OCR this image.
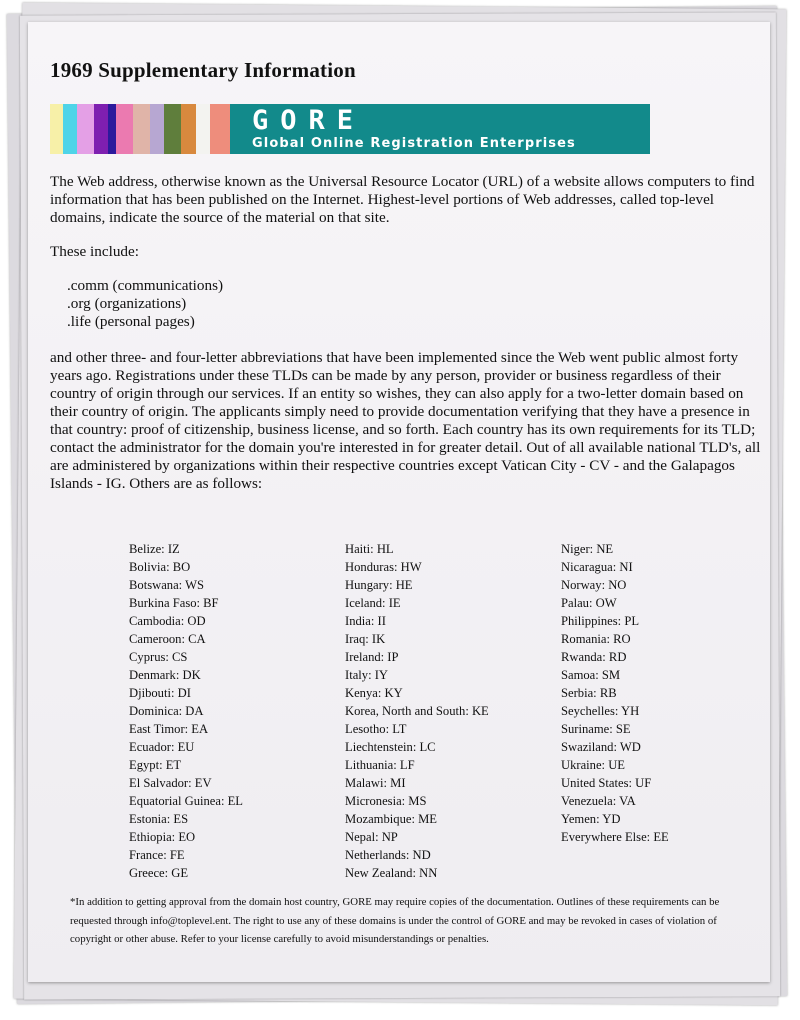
1969 Supplementary Information
GORE
Global Online Registration Enterprises

The Web address, otherwise known as the Universal Resource Locator (URL) of a website allows computers to find information that has been published on the Internet. Highest-level portions of Web addresses, called top-level domains, indicate the source of the material on that site.

These include:

.comm (communications)
.org (organizations)
.life (personal pages)

and other three- and four-letter abbreviations that have been implemented since the Web went public almost forty years ago. Registrations under these TLDs can be made by any person, provider or business regardless of their country of origin through our services. If an entity so wishes, they can also apply for a two-letter domain based on their country of origin. The applicants simply need to provide documentation verifying that they have a presence in that country: proof of citizenship, business license, and so forth. Each country has its own requirements for its TLD; contact the administrator for the domain you're interested in for greater detail. Out of all available national TLD's, all are administered by organizations within their respective countries except Vatican City - CV - and the Galapagos Islands - IG. Others are as follows:

Belize: IZ
Bolivia: BO
Botswana: WS
Burkina Faso: BF
Cambodia: OD
Cameroon: CA
Cyprus: CS
Denmark: DK
Djibouti: DI
Dominica: DA
East Timor: EA
Ecuador: EU
Egypt: ET
El Salvador: EV
Equatorial Guinea: EL
Estonia: ES
Ethiopia: EO
France: FE
Greece: GE
Haiti: HL
Honduras: HW
Hungary: HE
Iceland: IE
India: II
Iraq: IK
Ireland: IP
Italy: IY
Kenya: KY
Korea, North and South: KE
Lesotho: LT
Liechtenstein: LC
Lithuania: LF
Malawi: MI
Micronesia: MS
Mozambique: ME
Nepal: NP
Netherlands: ND
New Zealand: NN
Niger: NE
Nicaragua: NI
Norway: NO
Palau: OW
Philippines: PL
Romania: RO
Rwanda: RD
Samoa: SM
Serbia: RB
Seychelles: YH
Suriname: SE
Swaziland: WD
Ukraine: UE
United States: UF
Venezuela: VA
Yemen: YD
Everywhere Else: EE

*In addition to getting approval from the domain host country, GORE may require copies of the documentation. Outlines of these requirements can be requested through info@toplevel.ent. The right to use any of these domains is under the control of GORE and may be revoked in cases of violation of copyright or other abuse. Refer to your license carefully to avoid misunderstandings or penalties.
